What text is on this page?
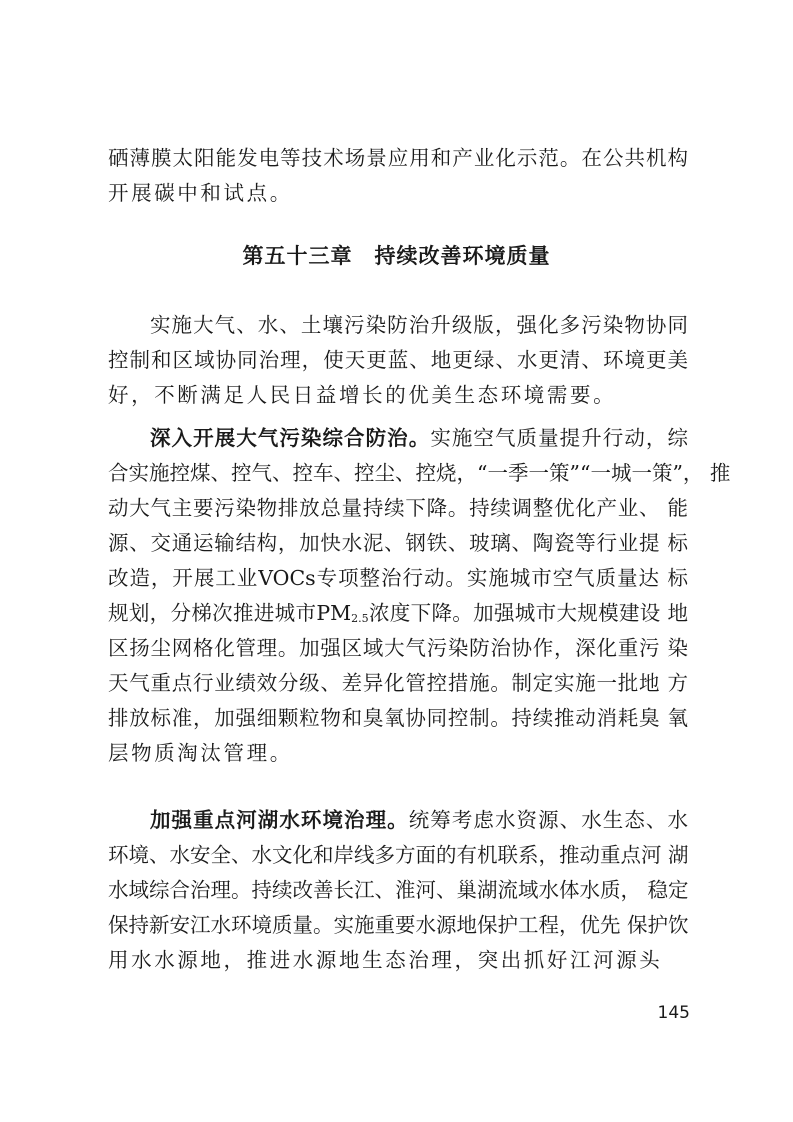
硒薄膜太阳能发电等技术场景应用和产业化示范。在公共机构
开展碳中和试点。
第五十三章　持续改善环境质量
实施大气、水、土壤污染防治升级版，强化多污染物协同
控制和区域协同治理，使天更蓝、地更绿、水更清、环境更美
好，不断满足人民日益增长的优美生态环境需要。
深入开展大气污染综合防治。实施空气质量提升行动，综
合实施控煤、控气、控车、控尘、控烧，“一季一策”“一城一策”， 推
动大气主要污染物排放总量持续下降。持续调整优化产业、 能
源、交通运输结构，加快水泥、钢铁、玻璃、陶瓷等行业提 标
改造，开展工业VOCs专项整治行动。实施城市空气质量达 标
规划，分梯次推进城市$PM_{2.5}$浓度下降。加强城市大规模建设 地
区扬尘网格化管理。加强区域大气污染防治协作，深化重污 染
天气重点行业绩效分级、差异化管控措施。制定实施一批地 方
排放标准，加强细颗粒物和臭氧协同控制。持续推动消耗臭 氧
层物质淘汰管理。
加强重点河湖水环境治理。统筹考虑水资源、水生态、水
环境、水安全、水文化和岸线多方面的有机联系，推动重点河 湖
水域综合治理。持续改善长江、淮河、巢湖流域水体水质， 稳定
保持新安江水环境质量。实施重要水源地保护工程，优先 保护饮
用水水源地，推进水源地生态治理，突出抓好江河源头
145
